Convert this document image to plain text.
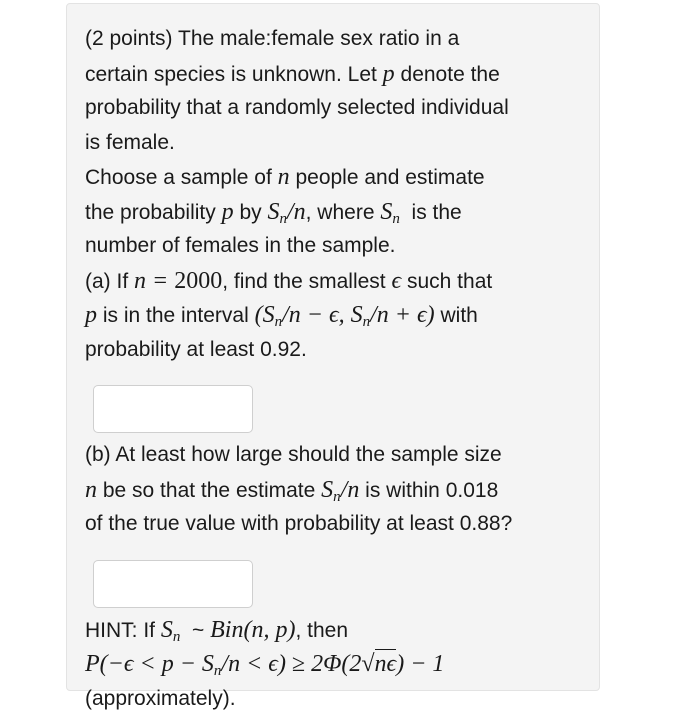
(2 points) The male:female sex ratio in a
certain species is unknown. Let p denote the
probability that a randomly selected individual
is female.
Choose a sample of n people and estimate
the probability p by $S_n/n$, where $S_n$ is the
number of females in the sample.
(a) If n = 2000, find the smallest ϵ such that
p is in the interval ($S_n/n - \epsilon$, $S_n/n + \epsilon$) with
probability at least 0.92.
(b) At least how large should the sample size
n be so that the estimate $S_n/n$ is within 0.018
of the true value with probability at least 0.88?
HINT: If $S_n$ ~ Bin(n, p), then
$P(-\epsilon < p - S_n/n < \epsilon) \ge 2\Phi(2√n\epsilon) - 1$
(approximately).
